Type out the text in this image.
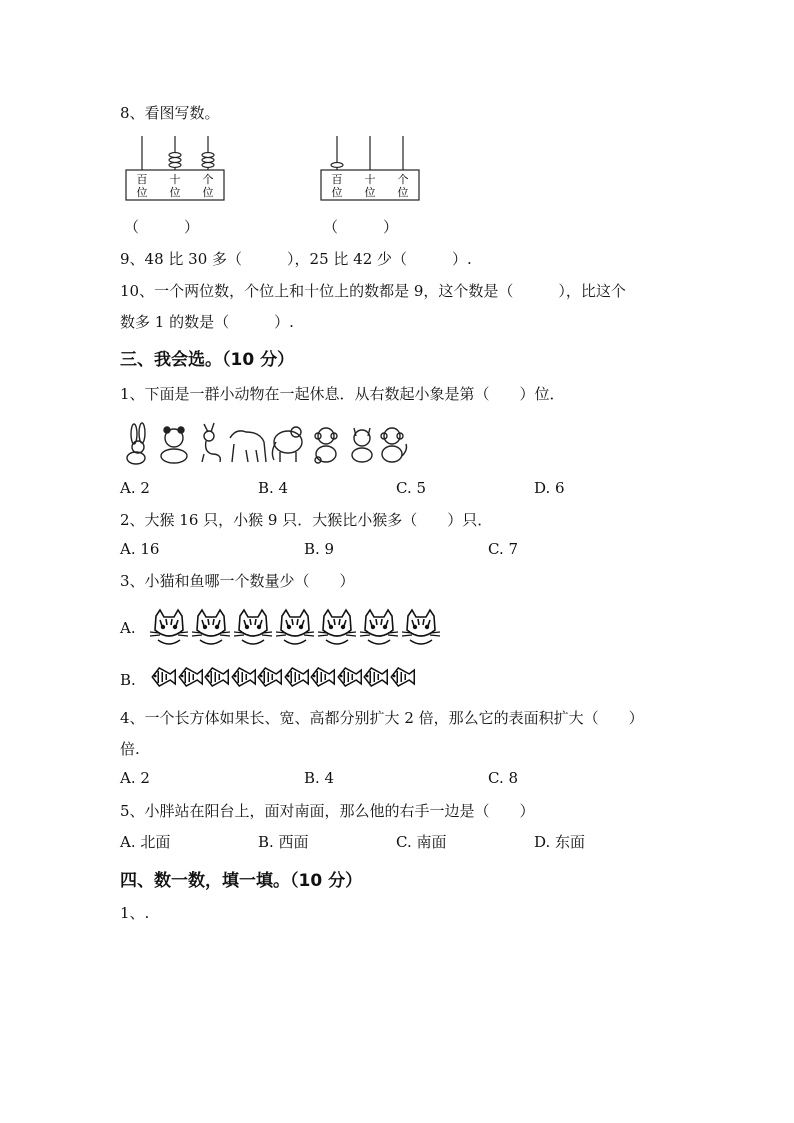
8、看图写数。
百
位
十
位
个
位
百
位
十
位
个
位
（　　　）	（　　　）
9、48 比 30 多（　　　），25 比 42 少（　　　）.
10、一个两位数，个位上和十位上的数都是 9，这个数是（　　　），比这个
数多 1 的数是（　　　）.
三、我会选。（10 分）
1、下面是一群小动物在一起休息．从右数起小象是第（　　）位．
A. 2	B. 4	C. 5	D. 6
2、大猴 16 只，小猴 9 只．大猴比小猴多（　　）只．
A. 16	B. 9	C. 7
3、小猫和鱼哪一个数量少（　　）
A.
B.
4、一个长方体如果长、宽、高都分别扩大 2 倍，那么它的表面积扩大（　　）
倍.
A. 2	B. 4	C. 8
5、小胖站在阳台上，面对南面，那么他的右手一边是（　　）
A. 北面	B. 西面	C. 南面	D. 东面
四、数一数，填一填。（10 分）
1、.
